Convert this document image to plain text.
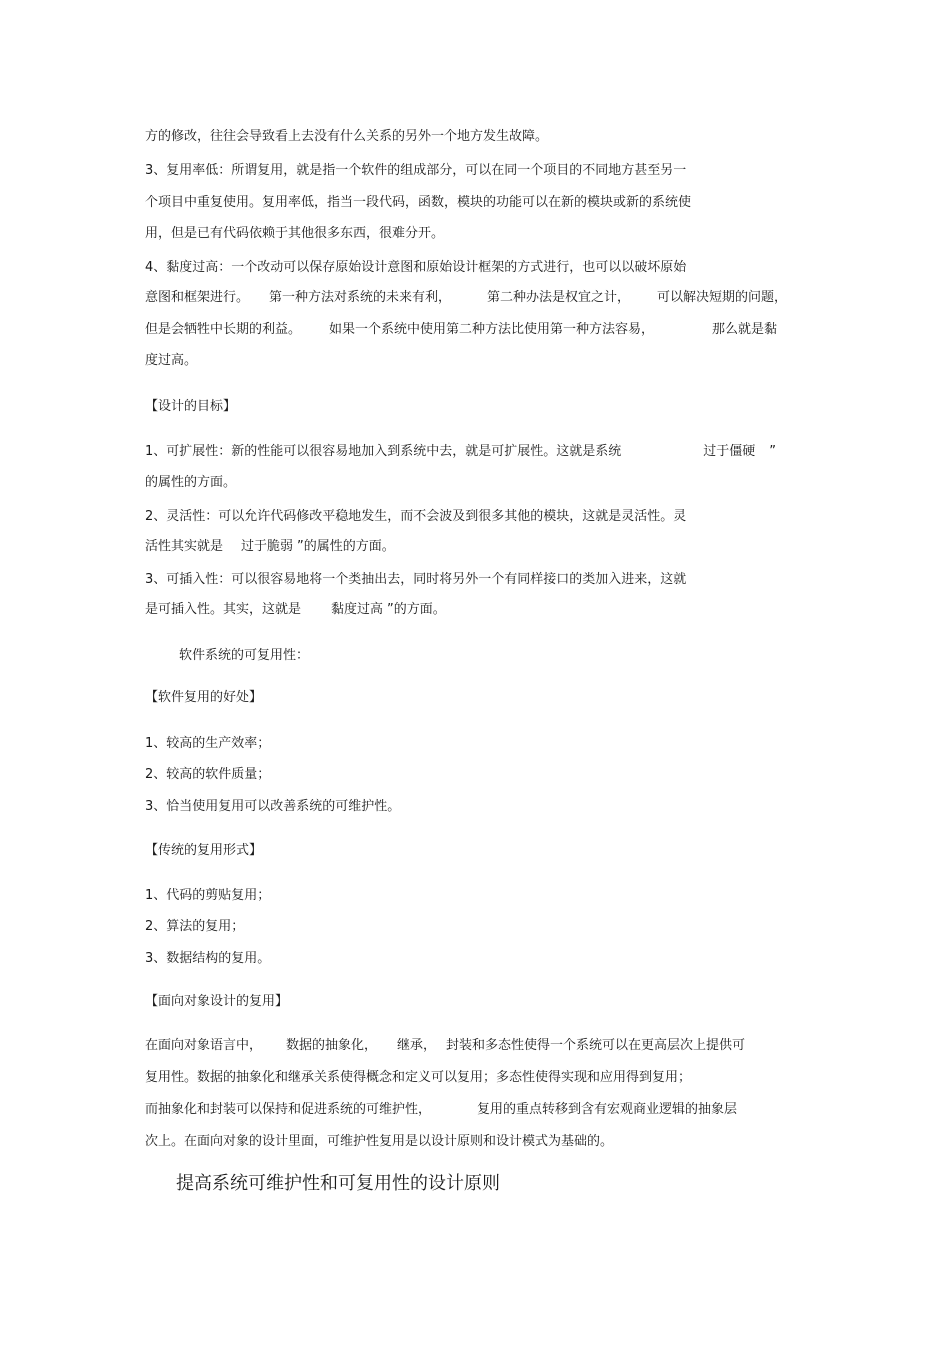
方的修改，往往会导致看上去没有什么关系的另外一个地方发生故障。
3、复用率低：所谓复用，就是指一个软件的组成部分，可以在同一个项目的不同地方甚至另一
个项目中重复使用。复用率低，指当一段代码，函数，模块的功能可以在新的模块或新的系统使
用，但是已有代码依赖于其他很多东西，很难分开。
4、黏度过高：一个改动可以保存原始设计意图和原始设计框架的方式进行，也可以以破坏原始
意图和框架进行。 第一种方法对系统的未来有利，	第二种办法是权宜之计， 可以解决短期的问题，
但是会牺牲中长期的利益。 如果一个系统中使用第二种方法比使用第一种方法容易，	那么就是黏
度过高。
【设计的目标】
1、可扩展性：新的性能可以很容易地加入到系统中去，就是可扩展性。这就是系统	过于僵硬 ”
的属性的方面。
2、灵活性：可以允许代码修改平稳地发生，而不会波及到很多其他的模块，这就是灵活性。灵
活性其实就是 过于脆弱 ”的属性的方面。
3、可插入性：可以很容易地将一个类抽出去，同时将另外一个有同样接口的类加入进来，这就
是可插入性。其实，这就是 黏度过高 ”的方面。
软件系统的可复用性：
【软件复用的好处】
1、较高的生产效率；
2、较高的软件质量；
3、恰当使用复用可以改善系统的可维护性。
【传统的复用形式】
1、代码的剪贴复用；
2、算法的复用；
3、数据结构的复用。
【面向对象设计的复用】
在面向对象语言中， 数据的抽象化， 继承， 封装和多态性使得一个系统可以在更高层次上提供可
复用性。数据的抽象化和继承关系使得概念和定义可以复用；多态性使得实现和应用得到复用；
而抽象化和封装可以保持和促进系统的可维护性，	复用的重点转移到含有宏观商业逻辑的抽象层
次上。在面向对象的设计里面，可维护性复用是以设计原则和设计模式为基础的。
提高系统可维护性和可复用性的设计原则
